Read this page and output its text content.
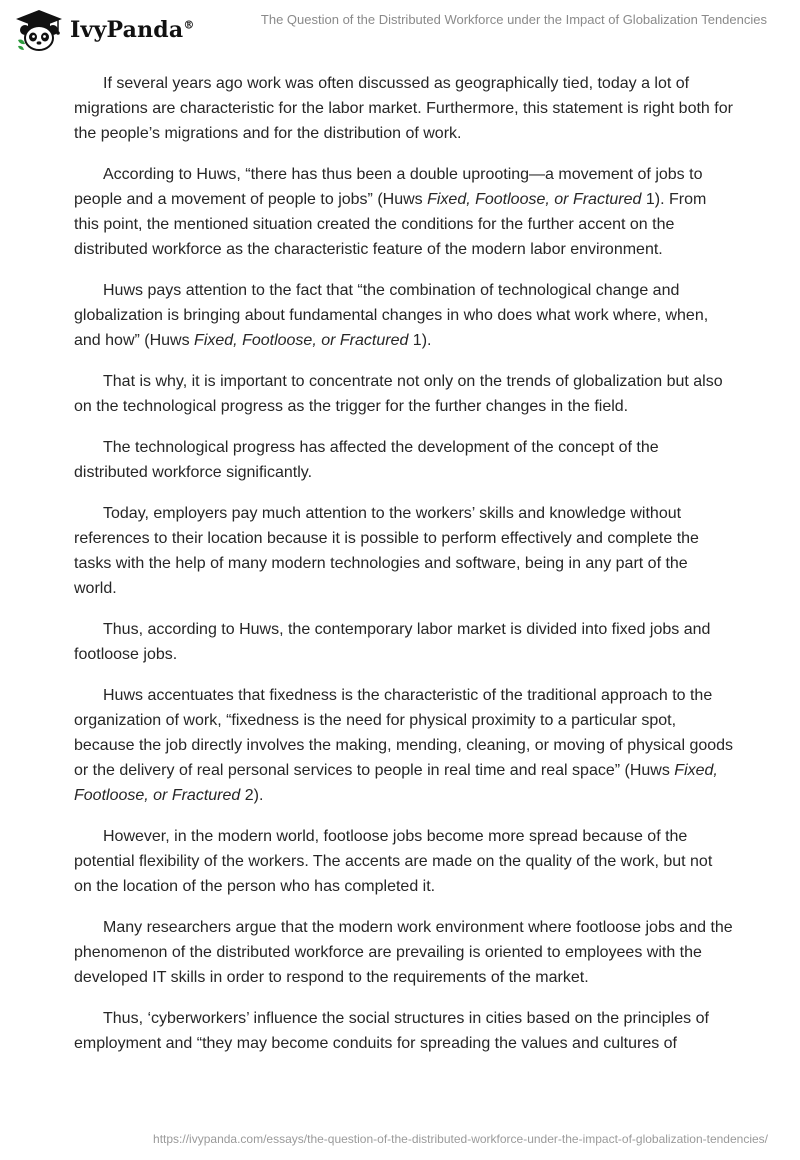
IvyPanda®	The Question of the Distributed Workforce under the Impact of Globalization Tendencies

If several years ago work was often discussed as geographically tied, today a lot of migrations are characteristic for the labor market. Furthermore, this statement is right both for the people’s migrations and for the distribution of work.

According to Huws, “there has thus been a double uprooting—a movement of jobs to people and a movement of people to jobs” (Huws Fixed, Footloose, or Fractured 1). From this point, the mentioned situation created the conditions for the further accent on the distributed workforce as the characteristic feature of the modern labor environment.

Huws pays attention to the fact that “the combination of technological change and globalization is bringing about fundamental changes in who does what work where, when, and how” (Huws Fixed, Footloose, or Fractured 1).

That is why, it is important to concentrate not only on the trends of globalization but also on the technological progress as the trigger for the further changes in the field.

The technological progress has affected the development of the concept of the distributed workforce significantly.

Today, employers pay much attention to the workers’ skills and knowledge without references to their location because it is possible to perform effectively and complete the tasks with the help of many modern technologies and software, being in any part of the world.

Thus, according to Huws, the contemporary labor market is divided into fixed jobs and footloose jobs.

Huws accentuates that fixedness is the characteristic of the traditional approach to the organization of work, “fixedness is the need for physical proximity to a particular spot, because the job directly involves the making, mending, cleaning, or moving of physical goods or the delivery of real personal services to people in real time and real space” (Huws Fixed, Footloose, or Fractured 2).

However, in the modern world, footloose jobs become more spread because of the potential flexibility of the workers. The accents are made on the quality of the work, but not on the location of the person who has completed it.

Many researchers argue that the modern work environment where footloose jobs and the phenomenon of the distributed workforce are prevailing is oriented to employees with the developed IT skills in order to respond to the requirements of the market.

Thus, ‘cyberworkers’ influence the social structures in cities based on the principles of employment and “they may become conduits for spreading the values and cultures of

https://ivypanda.com/essays/the-question-of-the-distributed-workforce-under-the-impact-of-globalization-tendencies/
